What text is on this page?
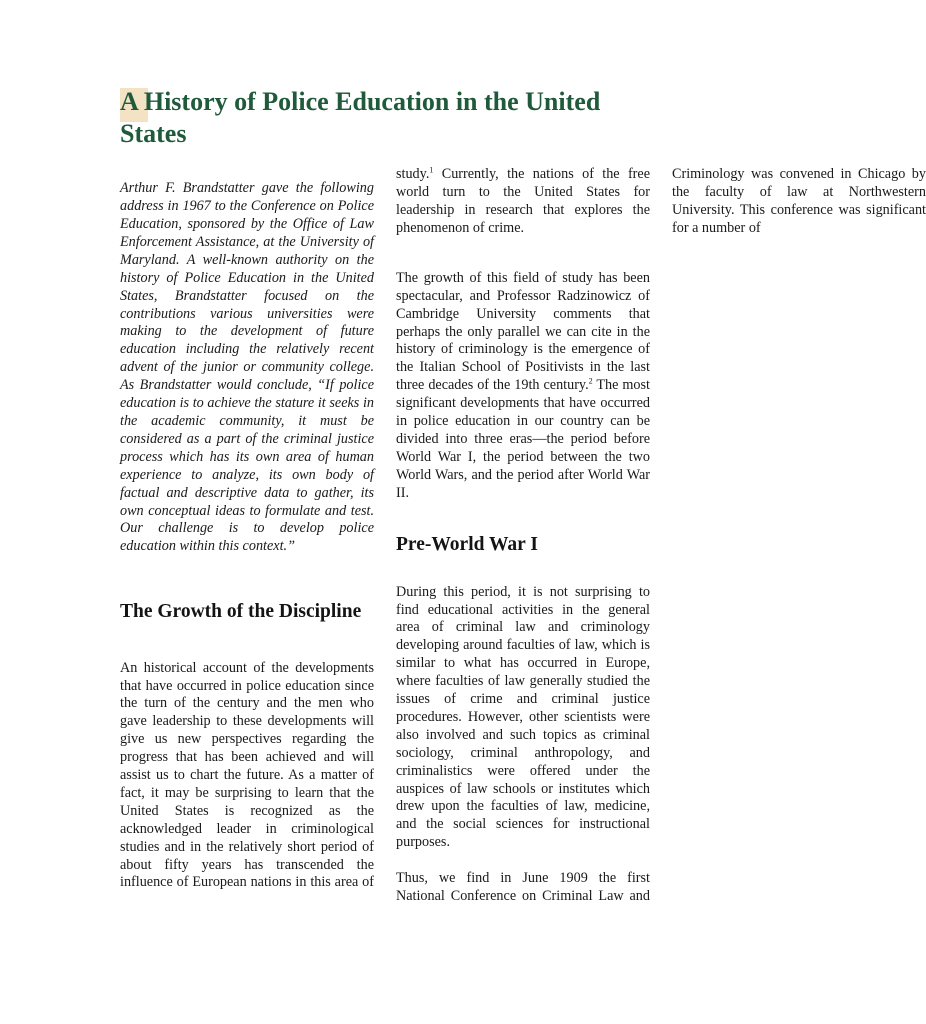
A History of Police Education in the United States

Arthur F. Brandstatter gave the following address in 1967 to the Conference on Police Education, sponsored by the Office of Law Enforcement Assistance, at the University of Maryland. A well-known authority on the history of Police Education in the United States, Brandstatter focused on the contributions various universities were making to the development of future education including the relatively recent advent of the junior or community college. As Brandstatter would conclude, “If police education is to achieve the stature it seeks in the academic community, it must be considered as a part of the criminal justice process which has its own area of human experience to analyze, its own body of factual and descriptive data to gather, its own conceptual ideas to formulate and test. Our challenge is to develop police education within this context.”

The Growth of the Discipline

An historical account of the developments that have occurred in police education since the turn of the century and the men who gave leadership to these developments will give us new perspectives regarding the progress that has been achieved and will assist us to chart the future. As a matter of fact, it may be surprising to learn that the United States is recognized as the acknowledged leader in criminological studies and in the relatively short period of about fifty years has transcended the influence of European nations in this area of study.$^1$ Currently, the nations of the free world turn to the United States for leadership in research that explores the phenomenon of crime.

The growth of this field of study has been spectacular, and Professor Radzinowicz of Cambridge University comments that perhaps the only parallel we can cite in the history of criminology is the emergence of the Italian School of Positivists in the last three decades of the 19th century.$^2$ The most significant developments that have occurred in police education in our country can be divided into three eras—the period before World War I, the period between the two World Wars, and the period after World War II.

Pre-World War I

During this period, it is not surprising to find educational activities in the general area of criminal law and criminology developing around faculties of law, which is similar to what has occurred in Europe, where faculties of law generally studied the issues of crime and criminal justice procedures. However, other scientists were also involved and such topics as criminal sociology, criminal anthropology, and criminalistics were offered under the auspices of law schools or institutes which drew upon the faculties of law, medicine, and the social sciences for instructional purposes.

Thus, we find in June 1909 the first National Conference on Criminal Law and Criminology was convened in Chicago by the faculty of law at Northwestern University. This conference was significant for a number of
